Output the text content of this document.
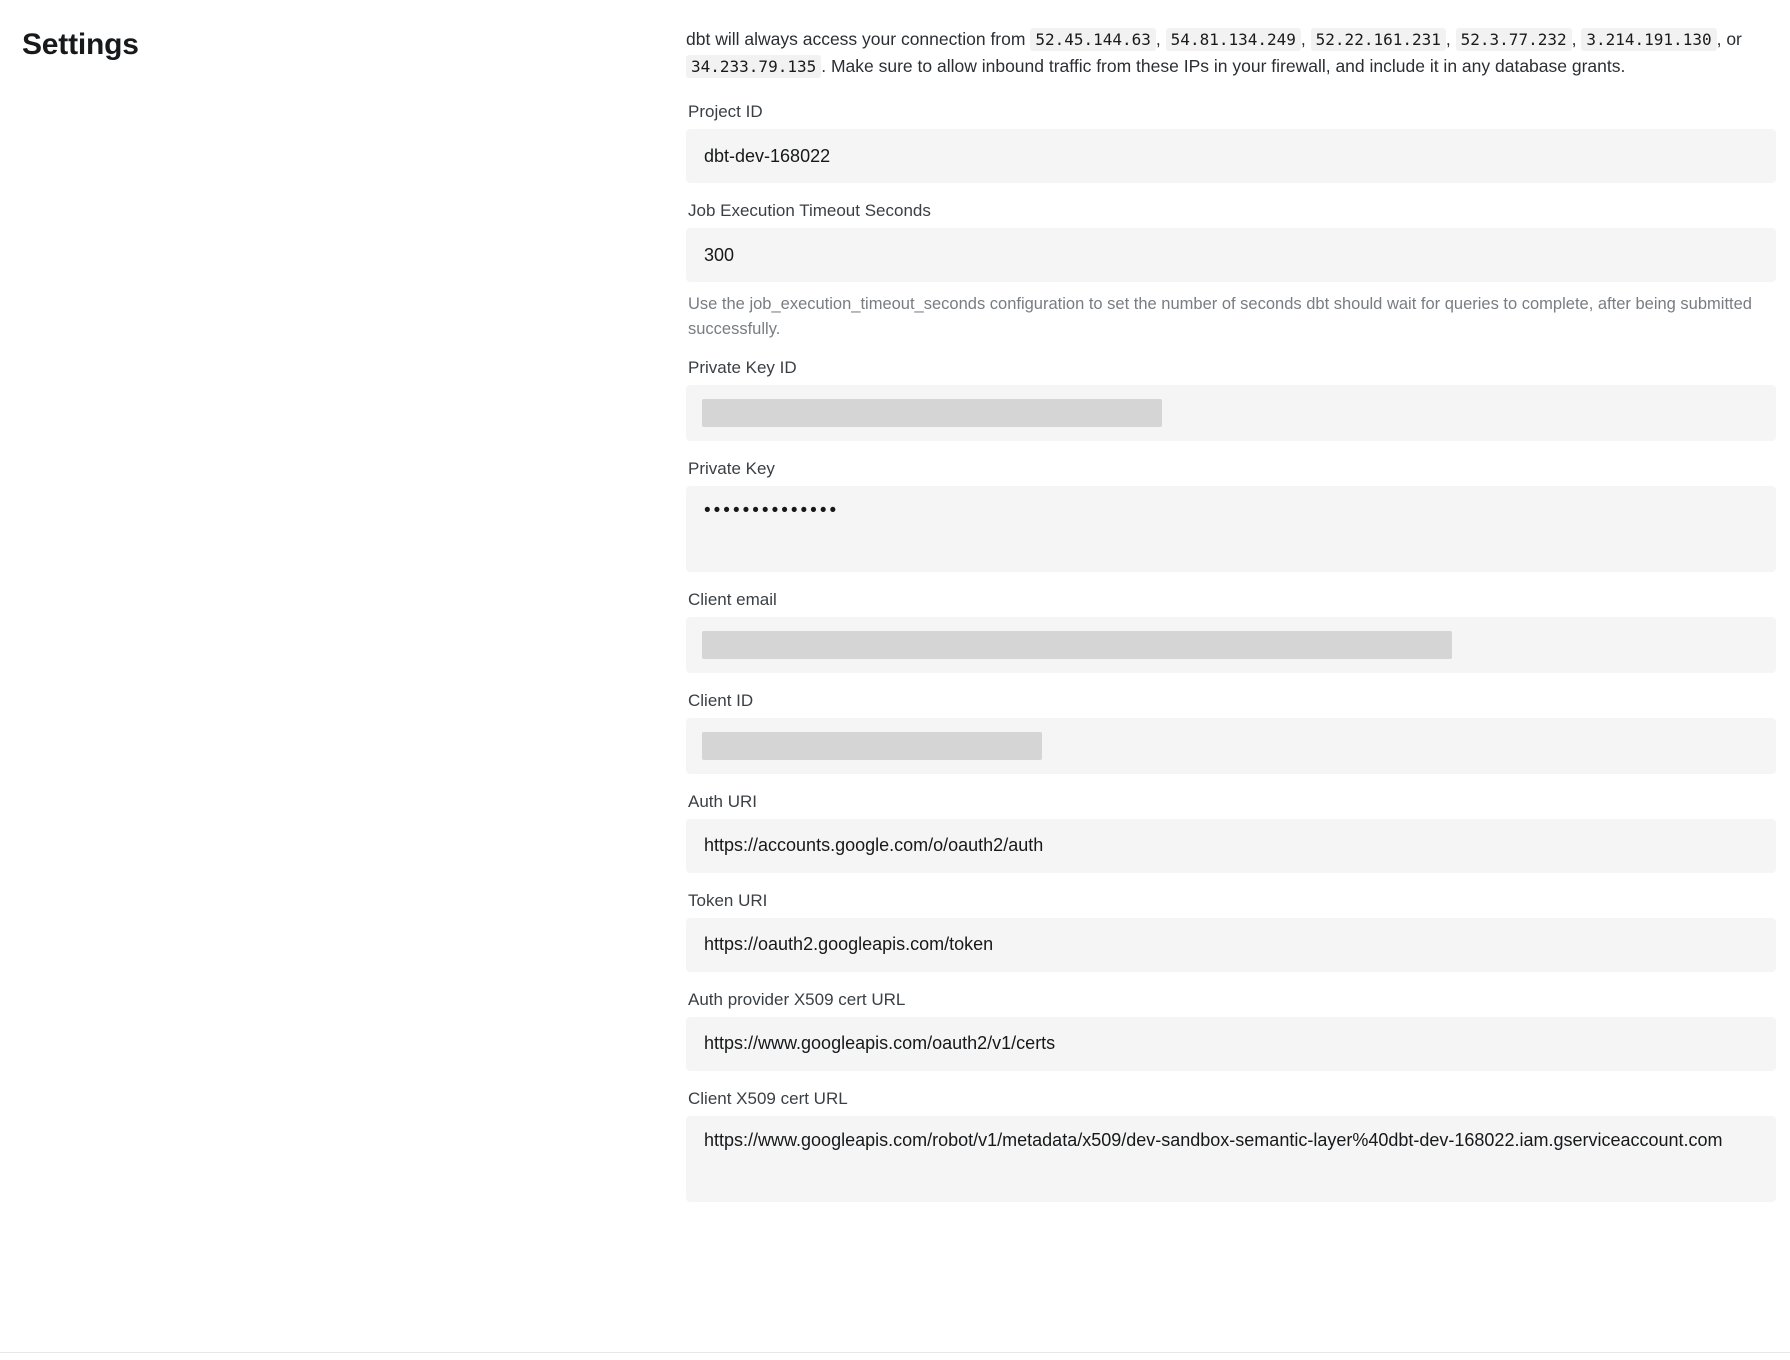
Settings	dbt will always access your connection from 52.45.144.63 , 54.81.134.249 , 52.22.161.231 , 52.3.77.232 , 3.214.191.130 , or 34.233.79.135 . Make sure to allow inbound traffic from these IPs in your firewall, and include it in any database grants.

Project ID
dbt-dev-168022
Job Execution Timeout Seconds
300

Use the job_execution_timeout_seconds configuration to set the number of seconds dbt should wait for queries to complete, after being submitted successfully.

Private Key ID
Private Key
••••••••••••••
Client email
Client ID
Auth URI
https://accounts.google.com/o/oauth2/auth
Token URI
https://oauth2.googleapis.com/token
Auth provider X509 cert URL
https://www.googleapis.com/oauth2/v1/certs
Client X509 cert URL
https://www.googleapis.com/robot/v1/metadata/x509/dev-sandbox-semantic-layer%40dbt-dev-168022.iam.gserviceaccount.com
